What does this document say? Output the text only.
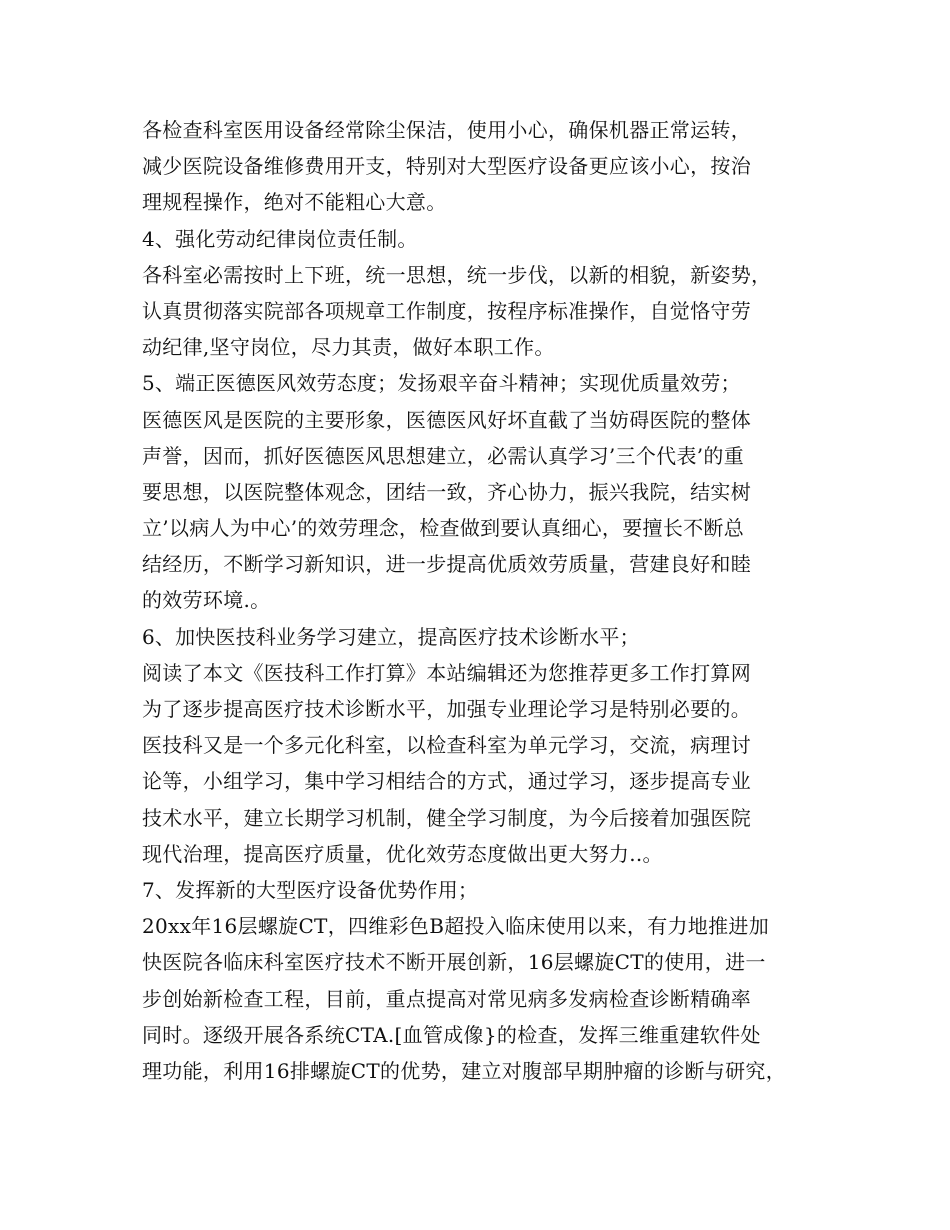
各检查科室医用设备经常除尘保洁，使用小心，确保机器正常运转，
减少医院设备维修费用开支，特别对大型医疗设备更应该小心，按治
理规程操作，绝对不能粗心大意。
4、强化劳动纪律岗位责任制。
各科室必需按时上下班，统一思想，统一步伐，以新的相貌，新姿势，
认真贯彻落实院部各项规章工作制度，按程序标准操作，自觉恪守劳
动纪律,坚守岗位，尽力其责，做好本职工作。
5、端正医德医风效劳态度；发扬艰辛奋斗精神；实现优质量效劳；
医德医风是医院的主要形象，医德医风好坏直截了当妨碍医院的整体
声誉，因而，抓好医德医风思想建立，必需认真学习’三个代表’的重
要思想，以医院整体观念，团结一致，齐心协力，振兴我院，结实树
立’以病人为中心’的效劳理念，检查做到要认真细心，要擅长不断总
结经历，不断学习新知识，进一步提高优质效劳质量，营建良好和睦
的效劳环境.。
6、加快医技科业务学习建立，提高医疗技术诊断水平；
阅读了本文《医技科工作打算》本站编辑还为您推荐更多工作打算网
为了逐步提高医疗技术诊断水平，加强专业理论学习是特别必要的。
医技科又是一个多元化科室，以检查科室为单元学习，交流，病理讨
论等，小组学习，集中学习相结合的方式，通过学习，逐步提高专业
技术水平，建立长期学习机制，健全学习制度，为今后接着加强医院
现代治理，提高医疗质量，优化效劳态度做出更大努力..。
7、发挥新的大型医疗设备优势作用；
20xx年16层螺旋CT，四维彩色B超投入临床使用以来，有力地推进加
快医院各临床科室医疗技术不断开展创新，16层螺旋CT的使用，进一
步创始新检查工程，目前，重点提高对常见病多发病检查诊断精确率
同时。逐级开展各系统CTA.[血管成像}的检查，发挥三维重建软件处
理功能，利用16排螺旋CT的优势，建立对腹部早期肿瘤的诊断与研究，
